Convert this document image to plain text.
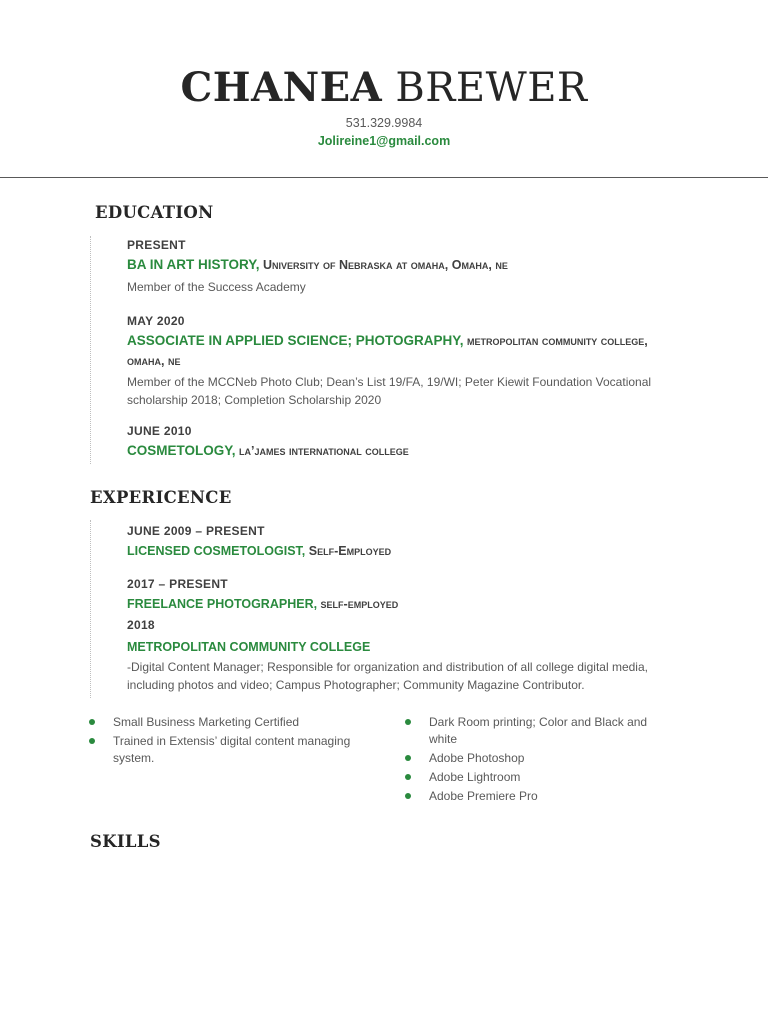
CHANEA BREWER
531.329.9984
Jolireine1@gmail.com
EDUCATION
PRESENT
BA IN ART HISTORY, University of Nebraska at omaha, Omaha, ne
Member of the Success Academy
MAY 2020
ASSOCIATE IN APPLIED SCIENCE; PHOTOGRAPHY, metropolitan community college, omaha, ne
Member of the MCCNeb Photo Club; Dean’s List 19/FA, 19/WI; Peter Kiewit Foundation Vocational scholarship 2018; Completion Scholarship 2020
JUNE 2010
COSMETOLOGY, la’james international college
EXPERICENCE
JUNE 2009 – PRESENT
LICENSED COSMETOLOGIST, Self-Employed
2017 – PRESENT
FREELANCE PHOTOGRAPHER, self-employed
2018
METROPOLITAN COMMUNITY COLLEGE
-Digital Content Manager; Responsible for organization and distribution of all college digital media, including photos and video; Campus Photographer; Community Magazine Contributor.
Small Business Marketing Certified
Trained in Extensis’ digital content managing system.
Dark Room printing; Color and Black and white
Adobe Photoshop
Adobe Lightroom
Adobe Premiere Pro
SKILLS
